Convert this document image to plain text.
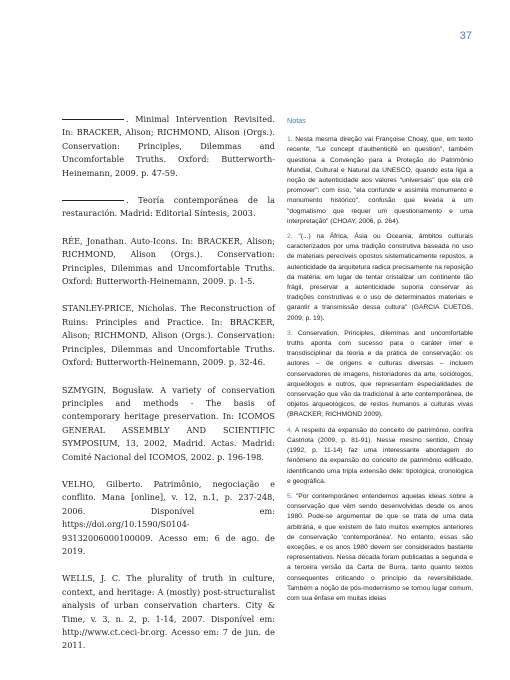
37

. Minimal Intervention Revisited. In: BRACKER, Alison; RICHMOND, Alison (Orgs.). Conservation: Principles, Dilemmas and Uncomfortable Truths. Oxford: Butterworth-Heinemann, 2009. p. 47-59.

. Teoría contemporánea de la restauración. Madrid: Editorial Síntesis, 2003.

RÉE, Jonathan. Auto-Icons. In: BRACKER, Alison; RICHMOND, Alison (Orgs.). Conservation: Principles, Dilemmas and Uncomfortable Truths. Oxford: Butterworth-Heinemann, 2009. p. 1-5.

STANLEY-PRICE, Nicholas. The Reconstruction of Ruins: Principles and Practice. In: BRACKER, Alison; RICHMOND, Alison (Orgs.). Conservation: Principles, Dilemmas and Uncomfortable Truths. Oxford: Butterworth-Heinemann, 2009. p. 32-46.

SZMYGIN, Bogusław. A variety of conservation principles and methods - The basis of contemporary heritage preservation. In: ICOMOS GENERAL ASSEMBLY AND SCIENTIFIC SYMPOSIUM, 13, 2002, Madrid. Actas. Madrid: Comité Nacional del ICOMOS, 2002. p. 196-198.

VELHO, Gilberto. Patrimônio, negociação e conflito. Mana [online], v. 12, n.1, p. 237-248, 2006. Disponível em: https://doi.org/10.1590/S0104-93132006000100009. Acesso em: 6 de ago. de 2019.

WELLS, J. C. The plurality of truth in culture, context, and heritage: A (mostly) post-structuralist analysis of urban conservation charters. City & Time, v. 3, n. 2, p. 1-14, 2007. Disponível em: http://www.ct.ceci-br.org. Acesso em: 7 de jun. de 2011.

Notas

1. Nesta mesma direção vai Françoise Choay, que, em texto recente, "Le concept d'authenticité en question", também questiona a Convenção para a Proteção do Patrimônio Mundial, Cultural e Natural da UNESCO, quando esta liga a noção de autenticidade aos valores "universais" que ela crê promover": com isso, "ela confunde e assimila monumento e monumento histórico", confusão que levaria a um "dogmatismo que requer um questionamento e uma interpretação" (CHOAY, 2006, p. 264).

2. "(...) na África, Ásia ou Oceania, âmbitos culturais caracterizados por uma tradição construtiva baseada no uso de materiais perecíveis opostos sistematicamente repostos, a autenticidade da arquitetura radica precisamente na reposição da matéria: em lugar de tentar cristalizar um continente tão frágil, preservar a autenticidade suporia conservar as tradições construtivas e o uso de determinados materiais e garantir a transmissão dessa cultura" (GARCIA CUETOS, 2009, p. 19).

3. Conservation. Principles, dilemmas and uncomfortable truths aponta com sucesso para o caráter inter e transdisciplinar da teoria e da prática de conservação: os autores – de origens e culturas diversas – incluem conservadores de imagens, historiadores da arte, sociólogos, arqueólogos e outros, que representam especialidades de conservação que vão da tradicional à arte contemporânea, de objetos arqueológicos, de restos humanos a culturas vivas (BRACKER; RICHMOND 2009).

4. A respeito da expansão do conceito de patrimônio, confira Castriota (2009, p. 81-91). Nesse mesmo sentido, Choay (1992, p. 11-14) faz uma interessante abordagem do fenômeno da expansão do conceito de patrimônio edificado, identificando uma tripla extensão dele: tipológica, cronológica e geográfica.

5. "Por contemporâneo entendemos aquelas ideias sobre a conservação que vêm sendo desenvolvidas desde os anos 1980. Pode-se argumentar de que se trata de uma data arbitrária, e que existem de fato muitos exemplos anteriores de conservação 'contemporânea'. No entanto, essas são exceções, e os anos 1980 devem ser considerados bastante representativos. Nessa década foram publicadas a segunda e a terceira versão da Carta de Burra, tanto quanto textos consequentes criticando o princípio da reversibilidade. Também a noção de pós-modernismo se tornou lugar comum, com sua ênfase em muitas ideias
